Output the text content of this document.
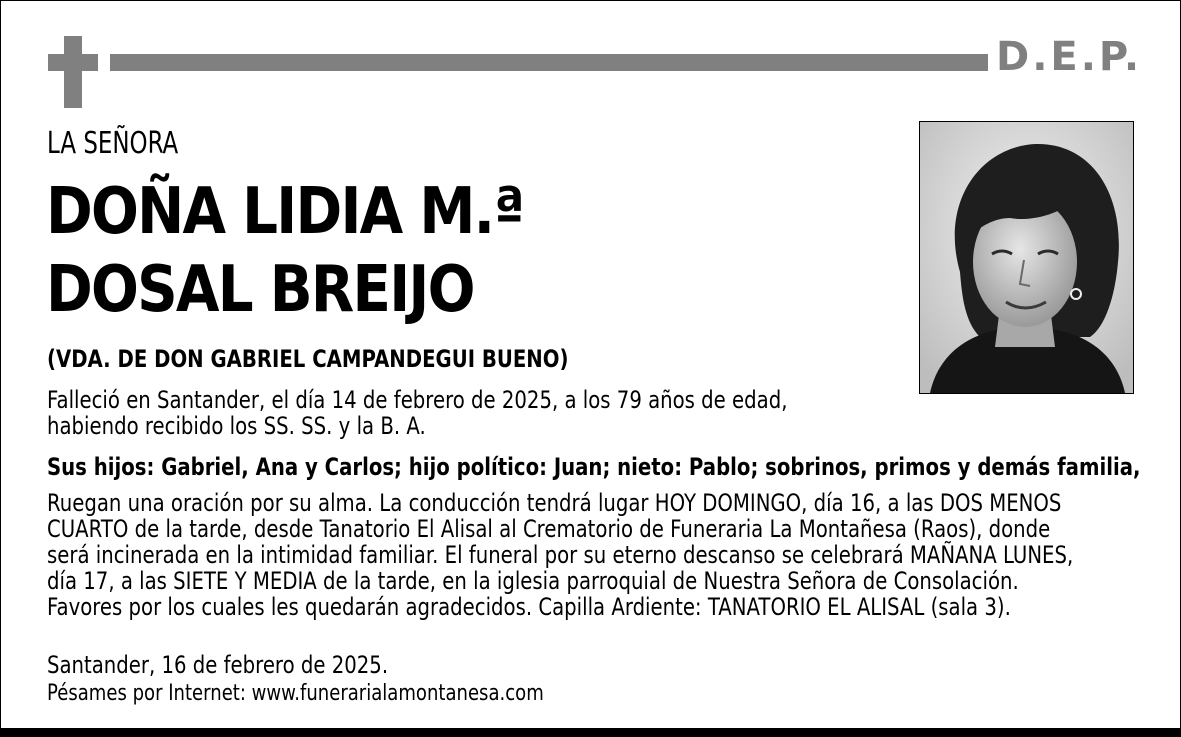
D.E.P.
LA SEÑORA
DOÑA LIDIA M.ª
DOSAL BREIJO
(VDA. DE DON GABRIEL CAMPANDEGUI BUENO)
Falleció en Santander, el día 14 de febrero de 2025, a los 79 años de edad,
habiendo recibido los SS. SS. y la B. A.
Sus hijos: Gabriel, Ana y Carlos; hijo político: Juan; nieto: Pablo; sobrinos, primos y demás familia,
Ruegan una oración por su alma. La conducción tendrá lugar HOY DOMINGO, día 16, a las DOS MENOS
CUARTO de la tarde, desde Tanatorio El Alisal al Crematorio de Funeraria La Montañesa (Raos), donde
será incinerada en la intimidad familiar. El funeral por su eterno descanso se celebrará MAÑANA LUNES,
día 17, a las SIETE Y MEDIA de la tarde, en la iglesia parroquial de Nuestra Señora de Consolación.
Favores por los cuales les quedarán agradecidos. Capilla Ardiente: TANATORIO EL ALISAL (sala 3).
Santander, 16 de febrero de 2025.
Pésames por Internet: www.funerarialamontanesa.com
